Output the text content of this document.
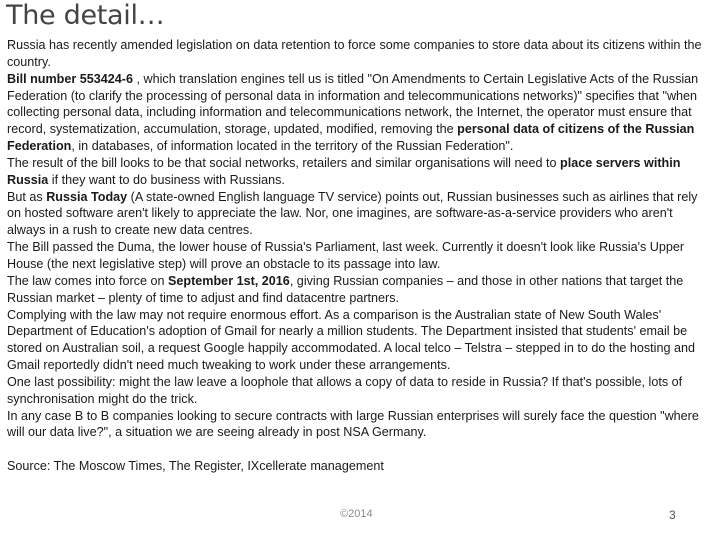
The detail…

Russia has recently amended legislation on data retention to force some companies to store data about its citizens within the country.

Bill number 553424-6 , which translation engines tell us is titled "On Amendments to Certain Legislative Acts of the Russian Federation (to clarify the processing of personal data in information and telecommunications networks)" specifies that "when collecting personal data, including information and telecommunications network, the Internet, the operator must ensure that record, systematization, accumulation, storage, updated, modified, removing the personal data of citizens of the Russian Federation, in databases, of information located in the territory of the Russian Federation".

The result of the bill looks to be that social networks, retailers and similar organisations will need to place servers within Russia if they want to do business with Russians.

But as Russia Today (A state-owned English language TV service) points out, Russian businesses such as airlines that rely on hosted software aren't likely to appreciate the law. Nor, one imagines, are software-as-a-service providers who aren't always in a rush to create new data centres.

The Bill passed the Duma, the lower house of Russia's Parliament, last week. Currently it doesn't look like Russia's Upper House (the next legislative step) will prove an obstacle to its passage into law.

The law comes into force on September 1st, 2016, giving Russian companies – and those in other nations that target the Russian market – plenty of time to adjust and find datacentre partners.

Complying with the law may not require enormous effort. As a comparison is the Australian state of New South Wales' Department of Education's adoption of Gmail for nearly a million students. The Department insisted that students' email be stored on Australian soil, a request Google happily accommodated. A local telco – Telstra – stepped in to do the hosting and Gmail reportedly didn't need much tweaking to work under these arrangements.

One last possibility: might the law leave a loophole that allows a copy of data to reside in Russia? If that's possible, lots of synchronisation might do the trick.

In any case B to B companies looking to secure contracts with large Russian enterprises will surely face the question "where will our data live?", a situation we are seeing already in post NSA Germany.

Source: The Moscow Times, The Register, IXcellerate management

©2014	3
